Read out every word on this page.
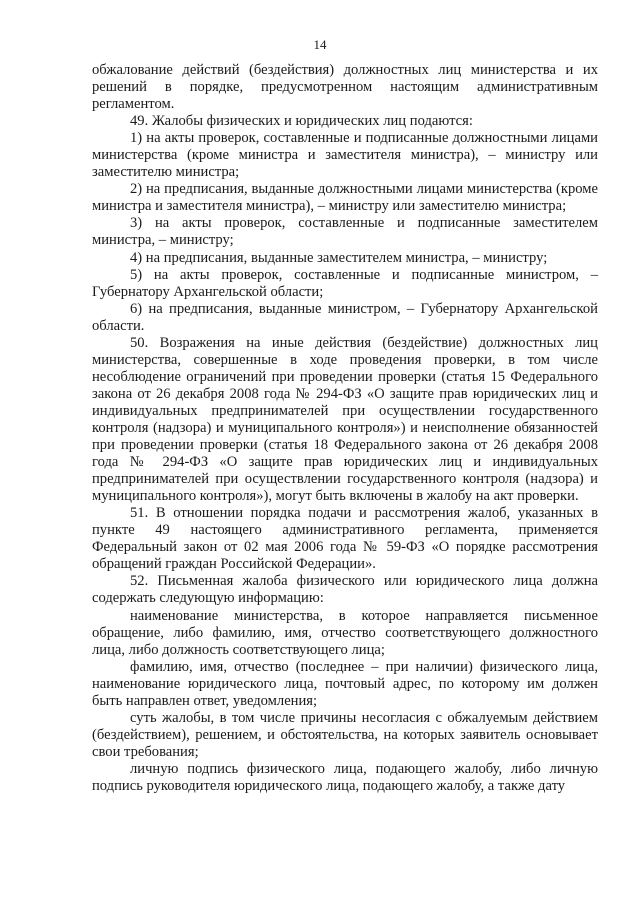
14

обжалование действий (бездействия) должностных лиц министерства и их решений в порядке, предусмотренном настоящим административным регламентом.

49. Жалобы физических и юридических лиц подаются:

1) на акты проверок, составленные и подписанные должностными лицами министерства (кроме министра и заместителя министра), – министру или заместителю министра;

2) на предписания, выданные должностными лицами министерства (кроме министра и заместителя министра), – министру или заместителю министра;

3) на акты проверок, составленные и подписанные заместителем министра, – министру;

4) на предписания, выданные заместителем министра, – министру;

5) на акты проверок, составленные и подписанные министром, – Губернатору Архангельской области;

6) на предписания, выданные министром, – Губернатору Архангельской области.

50. Возражения на иные действия (бездействие) должностных лиц министерства, совершенные в ходе проведения проверки, в том числе несоблюдение ограничений при проведении проверки (статья 15 Федерального закона от 26 декабря 2008 года № 294-ФЗ «О защите прав юридических лиц и индивидуальных предпринимателей при осуществлении государственного контроля (надзора) и муниципального контроля») и неисполнение обязанностей при проведении проверки (статья 18 Федерального закона от 26 декабря 2008 года № 294-ФЗ «О защите прав юридических лиц и индивидуальных предпринимателей при осуществлении государственного контроля (надзора) и муниципального контроля»), могут быть включены в жалобу на акт проверки.

51. В отношении порядка подачи и рассмотрения жалоб, указанных в пункте 49 настоящего административного регламента, применяется Федеральный закон от 02 мая 2006 года № 59-ФЗ «О порядке рассмотрения обращений граждан Российской Федерации».

52. Письменная жалоба физического или юридического лица должна содержать следующую информацию:

наименование министерства, в которое направляется письменное обращение, либо фамилию, имя, отчество соответствующего должностного лица, либо должность соответствующего лица;

фамилию, имя, отчество (последнее – при наличии) физического лица, наименование юридического лица, почтовый адрес, по которому им должен быть направлен ответ, уведомления;

суть жалобы, в том числе причины несогласия с обжалуемым действием (бездействием), решением, и обстоятельства, на которых заявитель основывает свои требования;

личную подпись физического лица, подающего жалобу, либо личную подпись руководителя юридического лица, подающего жалобу, а также дату
